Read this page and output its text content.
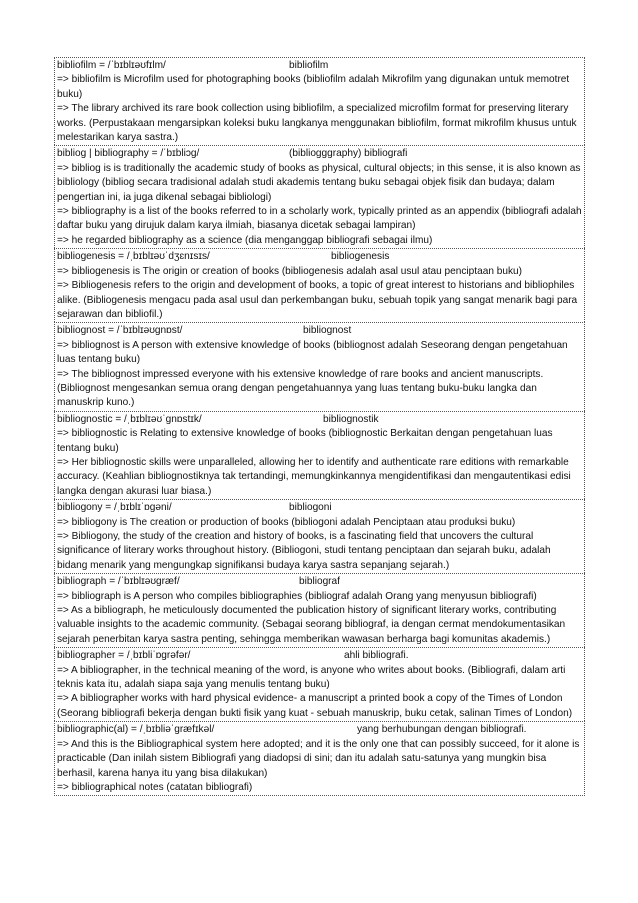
bibliofilm = /ˈbɪblɪəʊfɪlm/	bibliofilm
=> bibliofilm is Microfilm used for photographing books (bibliofilm adalah Mikrofilm yang digunakan untuk memotret buku)
=> The library archived its rare book collection using bibliofilm, a specialized microfilm format for preserving literary works. (Perpustakaan mengarsipkan koleksi buku langkanya menggunakan bibliofilm, format mikrofilm khusus untuk melestarikan karya sastra.)
bibliog | bibliography = /ˈbɪbliɔg/	(bibliogggraphy) bibliografi
=> biblio​g is is traditionally the academic study of books as physical, cultural objects; in this sense, it is also known as bibliology (bibliog secara tradisional adalah studi akademis tentang buku sebagai objek fisik dan budaya; dalam pengertian ini, ia juga dikenal sebagai bibliologi)
=> bibliography is a list of the books referred to in a scholarly work, typically printed as an appendix (bibliografi adalah daftar buku yang dirujuk dalam karya ilmiah, biasanya dicetak sebagai lampiran)
=> he regarded bibliography as a science (dia menganggap bibliografi sebagai ilmu)
bibliogenesis = /ˌbɪblɪəʊˈdʒɛnɪsɪs/	bibliogenesis
=> bibliogenesis is The origin or creation of books (bibliogenesis adalah asal usul atau penciptaan buku)
=> Bibliogenesis refers to the origin and development of books, a topic of great interest to historians and bibliophiles alike. (Bibliogenesis mengacu pada asal usul dan perkembangan buku, sebuah topik yang sangat menarik bagi para sejarawan dan bibliofil.)
bibliognost = /ˈbɪblɪəʊgnɒst/	bibliognost
=> bibliognost is A person with extensive knowledge of books (bibliognost adalah Seseorang dengan pengetahuan luas tentang buku)
=> The bibliognost impressed everyone with his extensive knowledge of rare books and ancient manuscripts. (Bibliognost mengesankan semua orang dengan pengetahuannya yang luas tentang buku-buku langka dan manuskrip kuno.)
bibliognostic = /ˌbɪblɪəʊˈgnɒstɪk/	bibliognostik
=> bibliognostic is Relating to extensive knowledge of books (bibliognostic Berkaitan dengan pengetahuan luas tentang buku)
=> Her bibliognostic skills were unparalleled, allowing her to identify and authenticate rare editions with remarkable accuracy. (Keahlian bibliognostiknya tak tertandingi, memungkinkannya mengidentifikasi dan mengautentikasi edisi langka dengan akurasi luar biasa.)
bibliogony = /ˌbɪblɪˈɒgəni/	bibliogoni
=> bibliogony is The creation or production of books (bibliogoni adalah Penciptaan atau produksi buku)
=> Bibliogony, the study of the creation and history of books, is a fascinating field that uncovers the cultural significance of literary works throughout history. (Bibliogoni, studi tentang penciptaan dan sejarah buku, adalah bidang menarik yang mengungkap signifikansi budaya karya sastra sepanjang sejarah.)
bibliograph = /ˈbɪblɪəʊgræf/	bibliograf
=> bibliograph is A person who compiles bibliographies (bibliograf adalah Orang yang menyusun bibliografi)
=> As a bibliograph, he meticulously documented the publication history of significant literary works, contributing valuable insights to the academic community. (Sebagai seorang bibliograf, ia dengan cermat mendokumentasikan sejarah penerbitan karya sastra penting, sehingga memberikan wawasan berharga bagi komunitas akademis.)
bibliographer = /ˌbɪbliˈɒgrəfər/	ahli bibliografi.
=> A bibliographer, in the technical meaning of the word, is anyone who writes about books. (Bibliografi, dalam arti teknis kata itu, adalah siapa saja yang menulis tentang buku)
=> A bibliographer works with hard physical evidence- a manuscript a printed book a copy of the Times of London (Seorang bibliografi bekerja dengan bukti fisik yang kuat - sebuah manuskrip, buku cetak, salinan Times of London)
bibliographic(al) = /ˌbɪbliəˈgræfɪkəl/	yang berhubungan dengan bibliografi.
=> And this is the Bibliographical system here adopted; and it is the only one that can possibly succeed, for it alone is practicable (Dan inilah sistem Bibliografi yang diadopsi di sini; dan itu adalah satu-satunya yang mungkin bisa berhasil, karena hanya itu yang bisa dilakukan)
=> bibliographical notes (catatan bibliografi)
